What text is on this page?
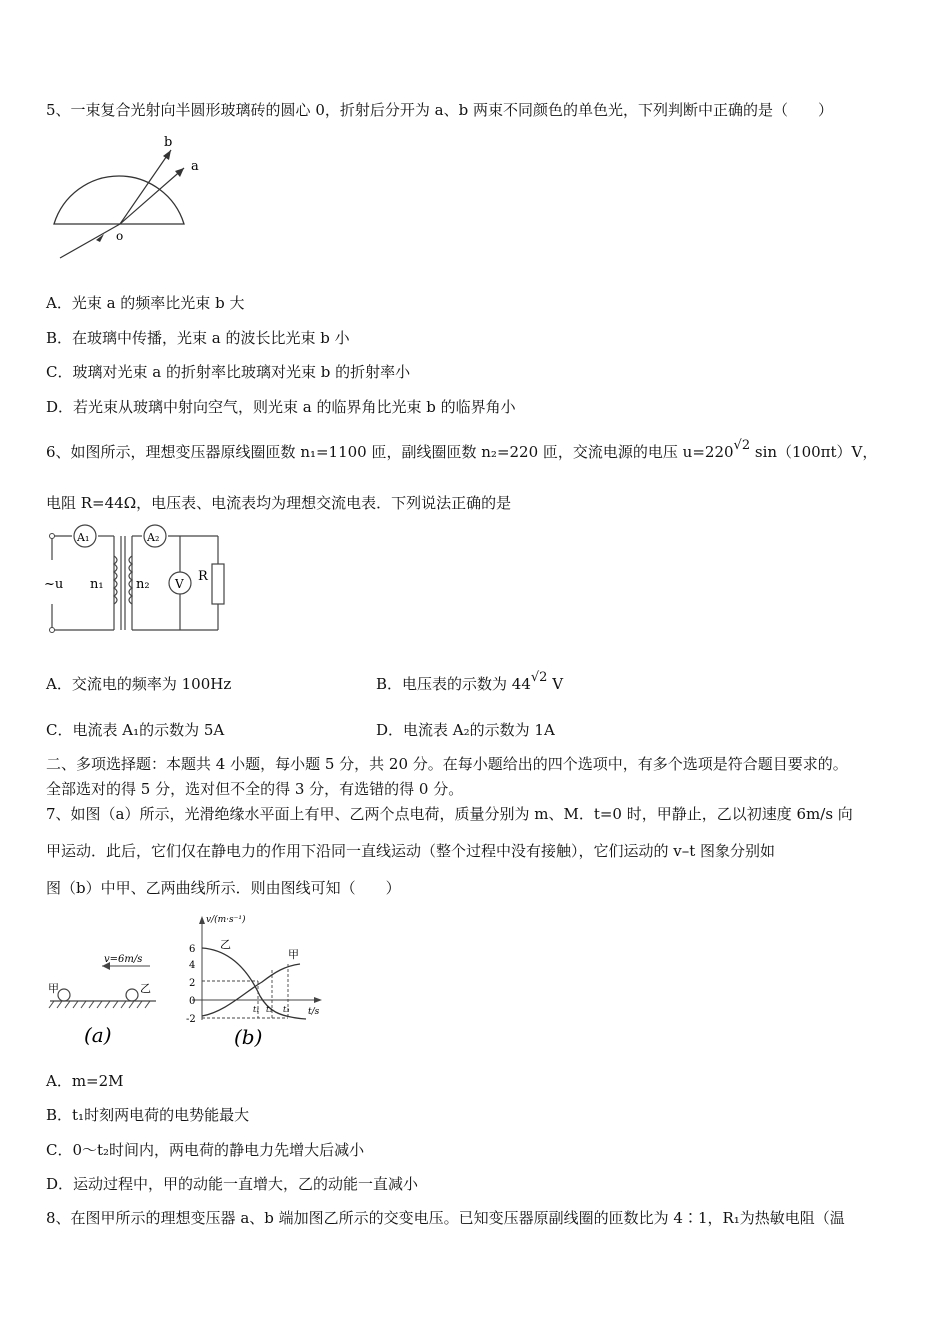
5、一束复合光射向半圆形玻璃砖的圆心 0，折射后分开为 a、b 两束不同颜色的单色光，下列判断中正确的是（　　）
b
a
o
A．光束 a 的频率比光束 b 大
B．在玻璃中传播，光束 a 的波长比光束 b 小
C．玻璃对光束 a 的折射率比玻璃对光束 b 的折射率小
D．若光束从玻璃中射向空气，则光束 a 的临界角比光束 b 的临界角小
6、如图所示，理想变压器原线圈匝数 n₁=1100 匝，副线圈匝数 n₂=220 匝，交流电源的电压 u=220√2 sin（100πt）V，
电阻 R=44Ω，电压表、电流表均为理想交流电表．下列说法正确的是
A₁	A₂
~u n₁ n₂ V R
A．交流电的频率为 100Hz	B．电压表的示数为 44√2 V
C．电流表 A₁的示数为 5A	D．电流表 A₂的示数为 1A
二、多项选择题：本题共 4 小题，每小题 5 分，共 20 分。在每小题给出的四个选项中，有多个选项是符合题目要求的。
全部选对的得 5 分，选对但不全的得 3 分，有选错的得 0 分。
7、如图（a）所示，光滑绝缘水平面上有甲、乙两个点电荷，质量分别为 m、M．t=0 时，甲静止，乙以初速度 6m/s 向
甲运动．此后，它们仅在静电力的作用下沿同一直线运动（整个过程中没有接触），它们运动的 v–t 图象分别如
图（b）中甲、乙两曲线所示．则由图线可知（　　）
v=6m/s
甲	乙
(a)
v/(m·s⁻¹)
t/s
6
4
2
0
-2
乙
甲
t₁ t₂ t₃
(b)
A．m=2M
B．t₁时刻两电荷的电势能最大
C．0～t₂时间内，两电荷的静电力先增大后减小
D．运动过程中，甲的动能一直增大，乙的动能一直减小
8、在图甲所示的理想变压器 a、b 端加图乙所示的交变电压。已知变压器原副线圈的匝数比为 4∶1，R₁为热敏电阻（温
